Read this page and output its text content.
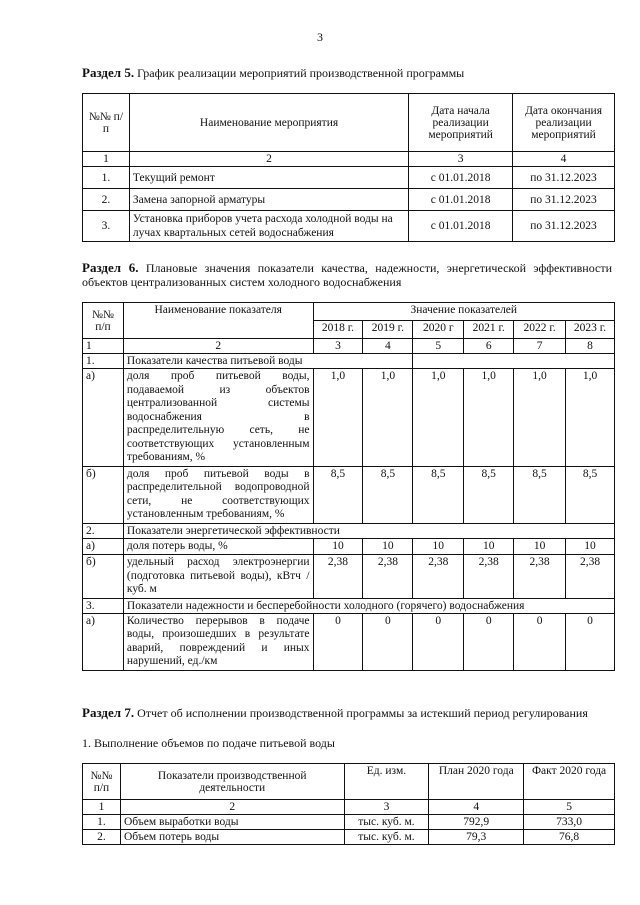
3
Раздел 5. График реализации мероприятий производственной программы
№№ п/п	Наименование мероприятия	Дата начала реализации мероприятий	Дата окончания реализации мероприятий
1	2	3	4
1.	Текущий ремонт	с 01.01.2018	по 31.12.2023
2.	Замена запорной арматуры	с 01.01.2018	по 31.12.2023
3.	Установка приборов учета расхода холодной воды на лучах квартальных сетей водоснабжения	с 01.01.2018	по 31.12.2023
Раздел 6. Плановые значения показатели качества, надежности, энергетической эффективности объектов централизованных систем холодного водоснабжения
№№ п/п	Наименование показателя	Значение показателей					
		2018 г.	2019 г.	2020 г	2021 г.	2022 г.	2023 г.
1	2	3	4	5	6	7	8
1.	Показатели качества питьевой воды						
а)	доля проб питьевой воды, подаваемой из объектов централизованной системы водоснабжения в распределительную сеть, не соответствующих установленным требованиям, %	1,0	1,0	1,0	1,0	1,0	1,0
б)	доля проб питьевой воды в распределительной водопроводной сети, не соответствующих установленным требованиям, %	8,5	8,5	8,5	8,5	8,5	8,5
2.	Показатели энергетической эффективности						
а)	доля потерь воды, %	10	10	10	10	10	10
б)	удельный расход электроэнергии (подготовка питьевой воды), кВтч / куб. м	2,38	2,38	2,38	2,38	2,38	2,38
3.	Показатели надежности и бесперебойности холодного (горячего) водоснабжения						
а)	Количество перерывов в подаче воды, произошедших в результате аварий, повреждений и иных нарушений, ед./км	0	0	0	0	0	0
Раздел 7. Отчет об исполнении производственной программы за истекший период регулирования
1. Выполнение объемов по подаче питьевой воды
№№ п/п	Показатели производственной деятельности	Ед. изм.	План 2020 года	Факт 2020 года
1	2	3	4	5
1.	Объем выработки воды	тыс. куб. м.	792,9	733,0
2.	Объем потерь воды	тыс. куб. м.	79,3	76,8
